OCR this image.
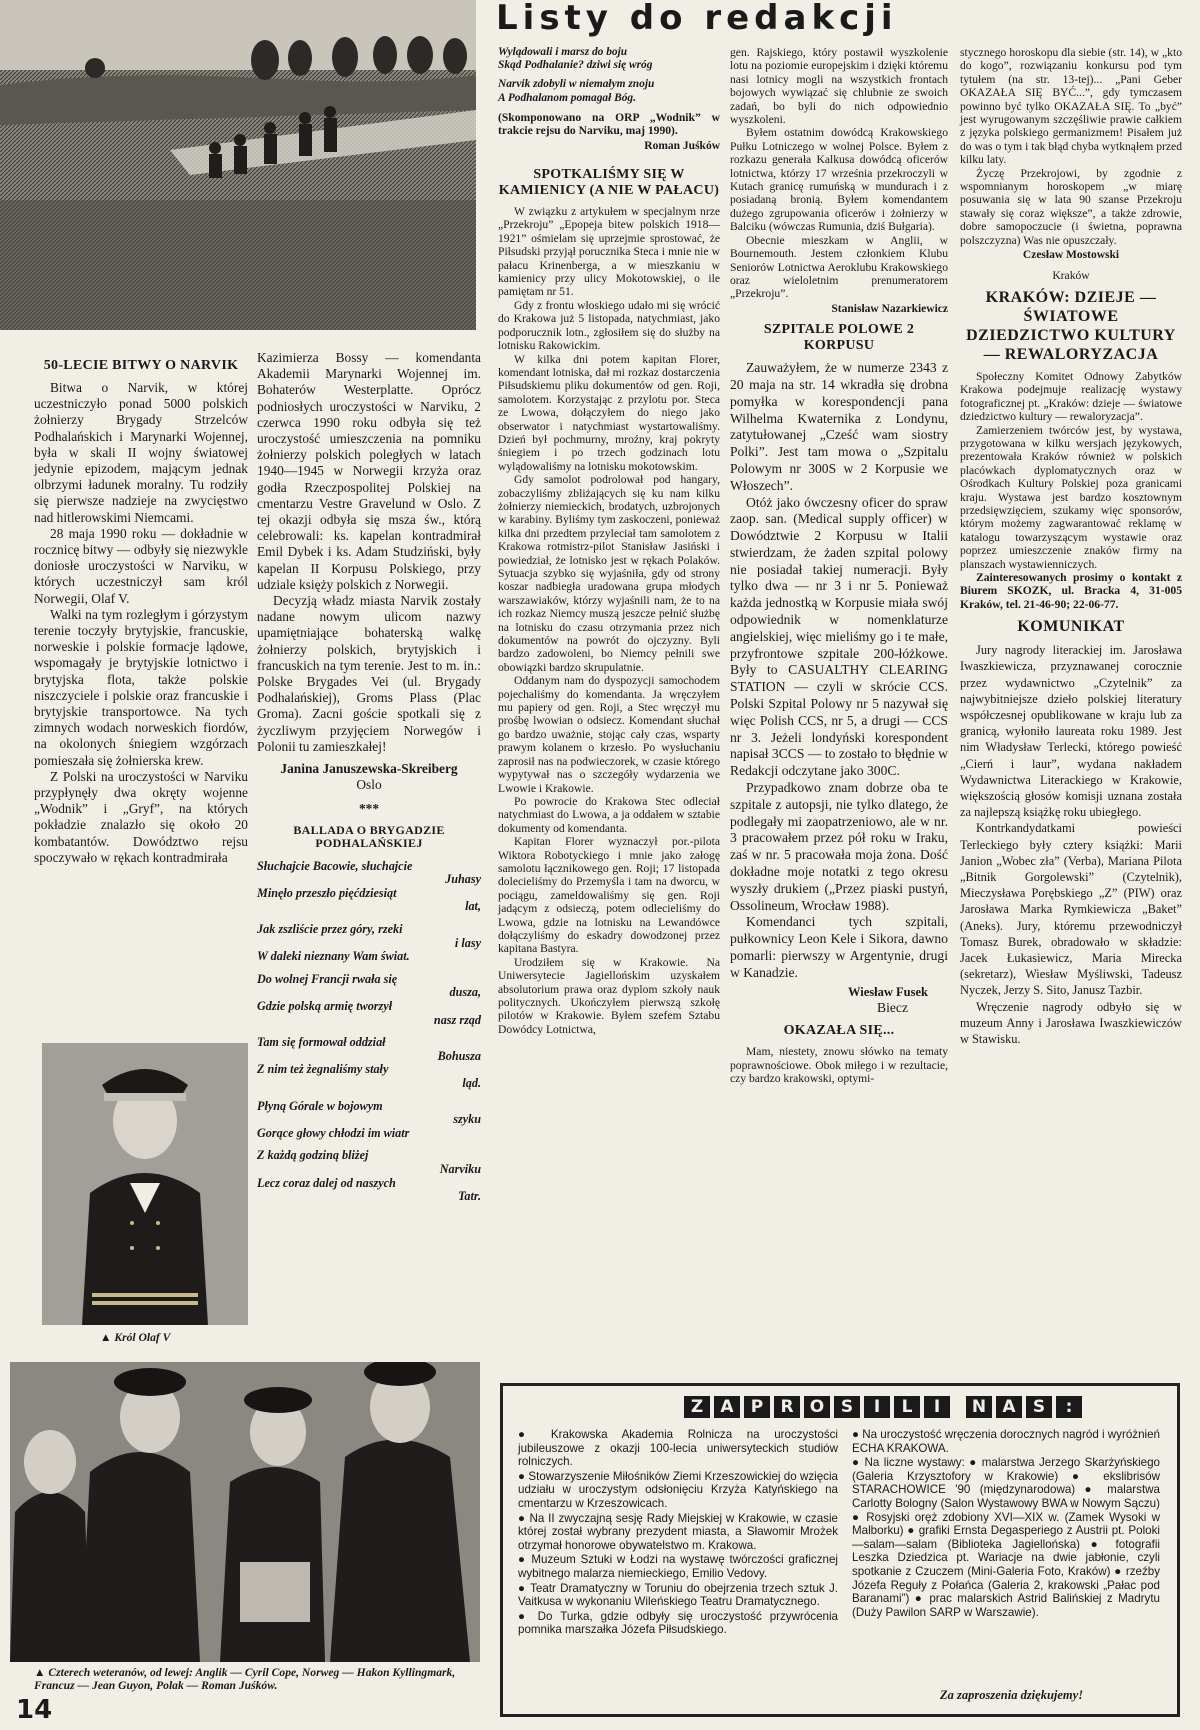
Listy do redakcji
50-LECIE BITWY O NARVIK

Bitwa o Narvik, w której uczestniczyło ponad 5000 polskich żołnierzy Brygady Strzelców Podhalańskich i Marynarki Wojennej, była w skali II wojny światowej jedynie epizodem, mającym jednak olbrzymi ładunek moralny. Tu rodziły się pierwsze nadzieje na zwycięstwo nad hitlerowskimi Niemcami.

28 maja 1990 roku — dokładnie w rocznicę bitwy — odbyły się niezwykle doniosłe uroczystości w Narviku, w których uczestniczył sam król Norwegii, Olaf V.

Walki na tym rozległym i górzystym terenie toczyły brytyjskie, francuskie, norweskie i polskie formacje lądowe, wspomagały je brytyjskie lotnictwo i brytyjska flota, także polskie niszczyciele i polskie oraz francuskie i brytyjskie transportowce. Na tych zimnych wodach norweskich fiordów, na okolonych śniegiem wzgórzach pomieszała się żołnierska krew.

Z Polski na uroczystości w Narviku przypłynęły dwa okręty wojenne „Wodnik” i „Gryf”, na których pokładzie znalazło się około 20 kombatantów. Dowództwo rejsu spoczywało w rękach kontradmirała

Kazimierza Bossy — komendanta Akademii Marynarki Wojennej im. Bohaterów Westerplatte. Oprócz podniosłych uroczystości w Narviku, 2 czerwca 1990 roku odbyła się też uroczystość umieszczenia na pomniku żołnierzy polskich poległych w latach 1940—1945 w Norwegii krzyża oraz godła Rzeczpospolitej Polskiej na cmentarzu Vestre Gravelund w Oslo. Z tej okazji odbyła się msza św., którą celebrowali: ks. kapelan kontradmirał Emil Dybek i ks. Adam Studziński, były kapelan II Korpusu Polskiego, przy udziale księży polskich z Norwegii.

Decyzją władz miasta Narvik zostały nadane nowym ulicom nazwy upamiętniające bohaterską walkę żołnierzy polskich, brytyjskich i francuskich na tym terenie. Jest to m. in.: Polske Brygades Vei (ul. Brygady Podhalańskiej), Groms Plass (Plac Groma). Zacni goście spotkali się z życzliwym przyjęciem Norwegów i Polonii tu zamieszkałej!

Janina Januszewska-Skreiberg
Oslo
***
BALLADA O BRYGADZIE PODHALAŃSKIEJ
Słuchajcie Bacowie, słuchajcie
Juhasy
Minęło przeszło pięćdziesiąt
lat,
Jak zszliście przez góry, rzeki
i lasy
W daleki nieznany Wam świat.
Do wolnej Francji rwała się
dusza,
Gdzie polską armię tworzył
nasz rząd
Tam się formował oddział
Bohusza
Z nim też żegnaliśmy stały
ląd.
Płyną Górale w bojowym
szyku
Gorące głowy chłodzi im wiatr
Z każdą godziną bliżej
Narviku
Lecz coraz dalej od naszych
Tatr.
▲ Król Olaf V
▲ Czterech weteranów, od lewej: Anglik — Cyril Cope, Norweg — Hakon Kyllingmark, Francuz — Jean Guyon, Polak — Roman Juśków.
14
Wylądowali i marsz do boju
Skąd Podhalanie? dziwi się wróg
Narvik zdobyli w niemałym znoju
A Podhalanom pomagał Bóg.

(Skomponowano na ORP „Wodnik” w trakcie rejsu do Narviku, maj 1990).

Roman Juśków
SPOTKALIŚMY SIĘ W KAMIENICY (A NIE W PAŁACU)

W związku z artykułem w specjalnym nrze „Przekroju” „Epopeja bitew polskich 1918—1921” ośmielam się uprzejmie sprostować, że Piłsudski przyjął porucznika Steca i mnie nie w pałacu Krinenberga, a w mieszkaniu w kamienicy przy ulicy Mokotowskiej, o ile pamiętam nr 51.

Gdy z frontu włoskiego udało mi się wrócić do Krakowa już 5 listopada, natychmiast, jako podporucznik lotn., zgłosiłem się do służby na lotnisku Rakowickim.

W kilka dni potem kapitan Florer, komendant lotniska, dał mi rozkaz dostarczenia Piłsudskiemu pliku dokumentów od gen. Roji, samolotem. Korzystając z przylotu por. Steca ze Lwowa, dołączyłem do niego jako obserwator i natychmiast wystartowaliśmy. Dzień był pochmurny, mroźny, kraj pokryty śniegiem i po trzech godzinach lotu wylądowaliśmy na lotnisku mokotowskim.

Gdy samolot podrolował pod hangary, zobaczyliśmy zbliżających się ku nam kilku żołnierzy niemieckich, brodatych, uzbrojonych w karabiny. Byliśmy tym zaskoczeni, ponieważ kilka dni przedtem przyleciał tam samolotem z Krakowa rotmistrz-pilot Stanisław Jasiński i powiedział, że lotnisko jest w rękach Polaków. Sytuacja szybko się wyjaśniła, gdy od strony koszar nadbiegła uradowana grupa młodych warszawiaków, którzy wyjaśnili nam, że to na ich rozkaz Niemcy muszą jeszcze pełnić służbę na lotnisku do czasu otrzymania przez nich dokumentów na powrót do ojczyzny. Byli bardzo zadowoleni, bo Niemcy pełnili swe obowiązki bardzo skrupulatnie.

Oddanym nam do dyspozycji samochodem pojechaliśmy do komendanta. Ja wręczyłem mu papiery od gen. Roji, a Stec wręczył mu prośbę lwowian o odsiecz. Komendant słuchał go bardzo uważnie, stojąc cały czas, wsparty prawym kolanem o krzesło. Po wysłuchaniu zaprosił nas na podwieczorek, w czasie którego wypytywał nas o szczegóły wydarzenia we Lwowie i Krakowie.

Po powrocie do Krakowa Stec odleciał natychmiast do Lwowa, a ja oddałem w sztabie dokumenty od komendanta.

Kapitan Florer wyznaczył por.-pilota Wiktora Robotyckiego i mnie jako załogę samolotu łącznikowego gen. Roji; 17 listopada dolecieliśmy do Przemyśla i tam na dworcu, w pociągu, zameldowaliśmy się gen. Roji jadącym z odsieczą, potem odlecieliśmy do Lwowa, gdzie na lotnisku na Lewandówce dołączyliśmy do eskadry dowodzonej przez kapitana Bastyra.

Urodziłem się w Krakowie. Na Uniwersytecie Jagiellońskim uzyskałem absolutorium prawa oraz dyplom szkoły nauk politycznych. Ukończyłem pierwszą szkołę pilotów w Krakowie. Byłem szefem Sztabu Dowódcy Lotnictwa,

gen. Rajskiego, który postawił wyszkolenie lotu na poziomie europejskim i dzięki któremu nasi lotnicy mogli na wszystkich frontach bojowych wywiązać się chlubnie ze swoich zadań, bo byli do nich odpowiednio wyszkoleni.

Byłem ostatnim dowódcą Krakowskiego Pułku Lotniczego w wolnej Polsce. Byłem z rozkazu generała Kalkusa dowódcą oficerów lotnictwa, którzy 17 września przekroczyli w Kutach granicę rumuńską w mundurach i z posiadaną bronią. Byłem komendantem dużego zgrupowania oficerów i żołnierzy w Balciku (wówczas Rumunia, dziś Bułgaria).

Obecnie mieszkam w Anglii, w Bournemouth. Jestem członkiem Klubu Seniorów Lotnictwa Aeroklubu Krakowskiego oraz wieloletnim prenumeratorem „Przekroju”.

Stanisław Nazarkiewicz
SZPITALE POLOWE 2 KORPUSU

Zauważyłem, że w numerze 2343 z 20 maja na str. 14 wkradła się drobna pomyłka w korespondencji pana Wilhelma Kwaternika z Londynu, zatytułowanej „Cześć wam siostry Polki”. Jest tam mowa o „Szpitalu Polowym nr 300S w 2 Korpusie we Włoszech”.

Otóż jako ówczesny oficer do spraw zaop. san. (Medical supply officer) w Dowództwie 2 Korpusu w Italii stwierdzam, że żaden szpital polowy nie posiadał takiej numeracji. Były tylko dwa — nr 3 i nr 5. Ponieważ każda jednostką w Korpusie miała swój odpowiednik w nomenklaturze angielskiej, więc mieliśmy go i te małe, przyfrontowe szpitale 200-łóżkowe. Były to CASUALTHY CLEARING STATION — czyli w skrócie CCS. Polski Szpital Polowy nr 5 nazywał się więc Polish CCS, nr 5, a drugi — CCS nr 3. Jeżeli londyński korespondent napisał 3CCS — to zostało to błędnie w Redakcji odczytane jako 300C.

Przypadkowo znam dobrze oba te szpitale z autopsji, nie tylko dlatego, że podlegały mi zaopatrzeniowo, ale w nr. 3 pracowałem przez pół roku w Iraku, zaś w nr. 5 pracowała moja żona. Dość dokładne moje notatki z tego okresu wyszły drukiem („Przez piaski pustyń, Ossolineum, Wrocław 1988).

Komendanci tych szpitali, pułkownicy Leon Kele i Sikora, dawno pomarli: pierwszy w Argentynie, drugi w Kanadzie.

Wiesław Fusek
Biecz
OKAZAŁA SIĘ...

Mam, niestety, znowu słówko na tematy poprawnościowe. Obok miłego i w rezultacie, czy bardzo krakowski, optymi-

stycznego horoskopu dla siebie (str. 14), w „kto do kogo”, rozwiązaniu konkursu pod tym tytułem (na str. 13-tej)... „Pani Geber OKAZAŁA SIĘ BYĆ...”, gdy tymczasem powinno być tylko OKAZAŁA SIĘ. To „być” jest wyrugowanym szczęśliwie prawie całkiem z języka polskiego germanizmem! Pisałem już do was o tym i tak błąd chyba wytknąłem przed kilku laty.

Życzę Przekrojowi, by zgodnie z wspomnianym horoskopem „w miarę posuwania się w lata 90 szanse Przekroju stawały się coraz większe”, a także zdrowie, dobre samopoczucie (i świetna, poprawna polszczyzna) Was nie opuszczały.

Czesław Mostowski
Kraków
KRAKÓW: DZIEJE — ŚWIATOWE DZIEDZICTWO KULTURY — REWALORYZACJA

Społeczny Komitet Odnowy Zabytków Krakowa podejmuje realizację wystawy fotograficznej pt. „Kraków: dzieje — światowe dziedzictwo kultury — rewaloryzacja”.

Zamierzeniem twórców jest, by wystawa, przygotowana w kilku wersjach językowych, prezentowała Kraków również w polskich placówkach dyplomatycznych oraz w Ośrodkach Kultury Polskiej poza granicami kraju. Wystawa jest bardzo kosztownym przedsięwzięciem, szukamy więc sponsorów, którym możemy zagwarantować reklamę w katalogu towarzyszącym wystawie oraz poprzez umieszczenie znaków firmy na planszach wystawienniczych.

Zainteresowanych prosimy o kontakt z Biurem SKOZK, ul. Bracka 4, 31-005 Kraków, tel. 21-46-90; 22-06-77.

KOMUNIKAT

Jury nagrody literackiej im. Jarosława Iwaszkiewicza, przyznawanej corocznie przez wydawnictwo „Czytelnik” za najwybitniejsze dzieło polskiej literatury współczesnej opublikowane w kraju lub za granicą, wyłoniło laureata roku 1989. Jest nim Władysław Terlecki, którego powieść „Cierń i laur”, wydana nakładem Wydawnictwa Literackiego w Krakowie, większością głosów komisji uznana została za najlepszą książkę roku ubiegłego.

Kontrkandydatkami powieści Terleckiego były cztery książki: Marii Janion „Wobec zła” (Verba), Mariana Pilota „Bitnik Gorgolewski” (Czytelnik), Mieczysława Porębskiego „Z” (PIW) oraz Jarosława Marka Rymkiewicza „Baket” (Aneks). Jury, któremu przewodniczył Tomasz Burek, obradowało w składzie: Jacek Łukasiewicz, Maria Mirecka (sekretarz), Wiesław Myśliwski, Tadeusz Nyczek, Jerzy S. Sito, Janusz Tazbir.

Wręczenie nagrody odbyło się w muzeum Anny i Jarosława Iwaszkiewiczów w Stawisku.

Z	A	P	R O S	I	L	I	N A	S	:

● Krakowska Akademia Rolnicza na uroczystości jubileuszowe z okazji 100-lecia uniwersyteckich studiów rolniczych.

● Stowarzyszenie Miłośników Ziemi Krzeszowickiej do wzięcia udziału w uroczystym odsłonięciu Krzyża Katyńskiego na cmentarzu w Krzeszowicach.

● Na II zwyczajną sesję Rady Miejskiej w Krakowie, w czasie której został wybrany prezydent miasta, a Sławomir Mrożek otrzymał honorowe obywatelstwo m. Krakowa.

● Muzeum Sztuki w Łodzi na wystawę twórczości graficznej wybitnego malarza niemieckiego, Emilio Vedovy.

● Teatr Dramatyczny w Toruniu do obejrzenia trzech sztuk J. Vaitkusa w wykonaniu Wileńskiego Teatru Dramatycznego.

● Do Turka, gdzie odbyły się uroczystość przywrócenia pomnika marszałka Józefa Piłsudskiego.

● Na uroczystość wręczenia dorocznych nagród i wyróżnień ECHA KRAKOWA.

● Na liczne wystawy: ● malarstwa Jerzego Skarżyńskiego (Galeria Krzysztofory w Krakowie) ● ekslibrisów STARACHOWICE '90 (międzynarodowa) ● malarstwa Carlotty Bologny (Salon Wystawowy BWA w Nowym Sączu) ● Rosyjski oręż zdobiony XVI—XIX w. (Zamek Wysoki w Malborku) ● grafiki Ernsta Degasperiego z Austrii pt. Poloki—salam—salam (Biblioteka Jagiellońska) ● fotografii Leszka Dziedzica pt. Wariacje na dwie jabłonie, czyli spotkanie z Czuczem (Mini-Galeria Foto, Kraków) ● rzeźby Józefa Reguły z Połańca (Galeria 2, krakowski „Pałac pod Baranami”) ● prac malarskich Astrid Balińskiej z Madrytu (Duży Pawilon SARP w Warszawie).

Za zaproszenia dziękujemy!
